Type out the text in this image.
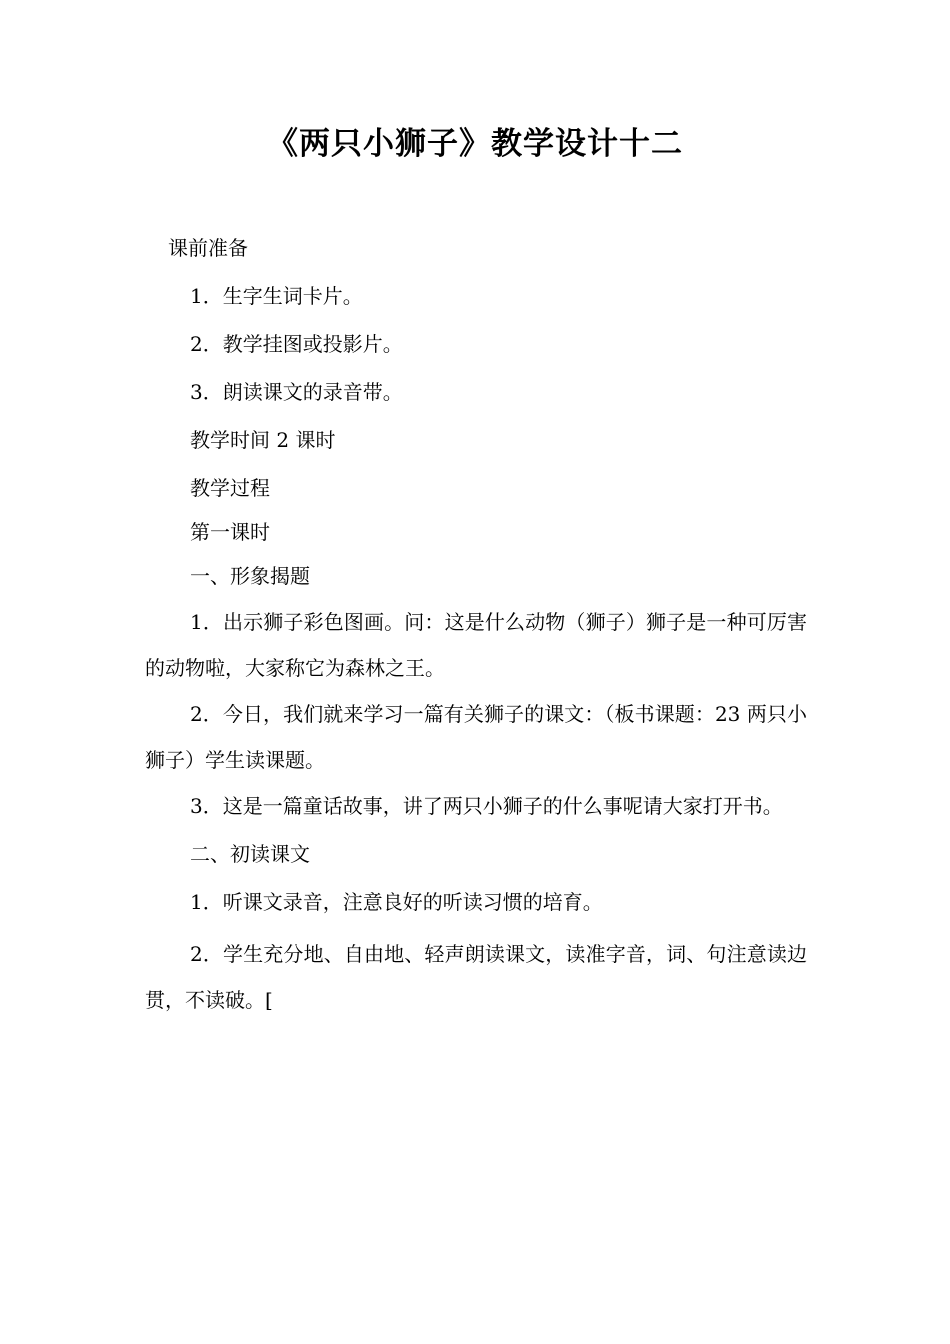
《两只小狮子》教学设计十二

课前准备

1．生字生词卡片。

2．教学挂图或投影片。

3．朗读课文的录音带。

教学时间 2 课时

教学过程

第一课时

一、形象揭题

1．出示狮子彩色图画。问：这是什么动物（狮子）狮子是一种可厉害的动物啦，大家称它为森林之王。

2．今日，我们就来学习一篇有关狮子的课文：（板书课题：23 两只小狮子）学生读课题。

3．这是一篇童话故事，讲了两只小狮子的什么事呢请大家打开书。

二、初读课文

1．听课文录音，注意良好的听读习惯的培育。

2．学生充分地、自由地、轻声朗读课文，读准字音，词、句注意读边贯，不读破。[
